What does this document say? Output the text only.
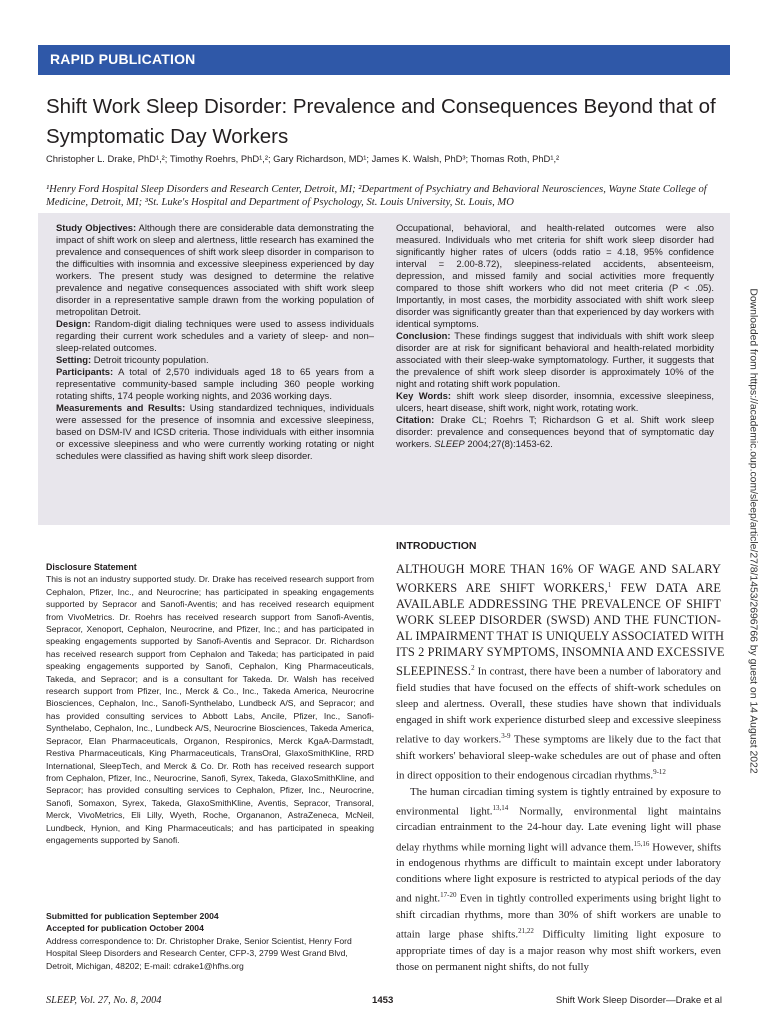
RAPID PUBLICATION
Shift Work Sleep Disorder: Prevalence and Consequences Beyond that of Symptomatic Day Workers
Christopher L. Drake, PhD¹,²; Timothy Roehrs, PhD¹,²; Gary Richardson, MD¹; James K. Walsh, PhD³; Thomas Roth, PhD¹,²
¹Henry Ford Hospital Sleep Disorders and Research Center, Detroit, MI; ²Department of Psychiatry and Behavioral Neurosciences, Wayne State College of Medicine, Detroit, MI; ³St. Luke's Hospital and Department of Psychology, St. Louis University, St. Louis, MO

Study Objectives: Although there are considerable data demonstrating the impact of shift work on sleep and alertness, little research has examined the prevalence and consequences of shift work sleep disorder in comparison to the difficulties with insomnia and excessive sleepiness experienced by day workers. The present study was designed to determine the relative prevalence and negative consequences associated with shift work sleep disorder in a representative sample drawn from the working population of metropolitan Detroit.

Design: Random-digit dialing techniques were used to assess individuals regarding their current work schedules and a variety of sleep- and non–sleep-related outcomes.

Setting: Detroit tricounty population.

Participants: A total of 2,570 individuals aged 18 to 65 years from a representative community-based sample including 360 people working rotating shifts, 174 people working nights, and 2036 working days.

Measurements and Results: Using standardized techniques, individuals were assessed for the presence of insomnia and excessive sleepiness, based on DSM-IV and ICSD criteria. Those individuals with either insomnia or excessive sleepiness and who were currently working rotating or night schedules were classified as having shift work sleep disorder.

Occupational, behavioral, and health-related outcomes were also measured. Individuals who met criteria for shift work sleep disorder had significantly higher rates of ulcers (odds ratio = 4.18, 95% confidence interval = 2.00-8.72), sleepiness-related accidents, absenteeism, depression, and missed family and social activities more frequently compared to those shift workers who did not meet criteria (P < .05). Importantly, in most cases, the morbidity associated with shift work sleep disorder was significantly greater than that experienced by day workers with identical symptoms.

Conclusion: These findings suggest that individuals with shift work sleep disorder are at risk for significant behavioral and health-related morbidity associated with their sleep-wake symptomatology. Further, it suggests that the prevalence of shift work sleep disorder is approximately 10% of the night and rotating shift work population.

Key Words: shift work sleep disorder, insomnia, excessive sleepiness, ulcers, heart disease, shift work, night work, rotating work.

Citation: Drake CL; Roehrs T; Richardson G et al. Shift work sleep disorder: prevalence and consequences beyond that of symptomatic day workers. SLEEP 2004;27(8):1453-62.

Disclosure Statement

This is not an industry supported study. Dr. Drake has received research support from Cephalon, Pfizer, Inc., and Neurocrine; has participated in speaking engagements supported by Sepracor and Sanofi-Aventis; and has received research equipment from VivoMetrics. Dr. Roehrs has received research support from Sanofi-Aventis, Sepracor, Xenoport, Cephalon, Neurocrine, and Pfizer, Inc.; and has participated in speaking engagements supported by Sanofi-Aventis and Sepracor. Dr. Richardson has received research support from Cephalon and Takeda; has participated in paid speaking engagements supported by Sanofi, Cephalon, King Pharmaceuticals, Takeda, and Sepracor; and is a consultant for Takeda. Dr. Walsh has received research support from Pfizer, Inc., Merck & Co., Inc., Takeda America, Neurocrine Biosciences, Cephalon, Inc., Sanofi-Synthelabo, Lundbeck A/S, and Sepracor; and has provided consulting services to Abbott Labs, Ancile, Pfizer, Inc., Sanofi-Synthelabo, Cephalon, Inc., Lundbeck A/S, Neurocrine Biosciences, Takeda America, Sepracor, Elan Pharmaceuticals, Organon, Respironics, Merck KgaA-Darmstadt, Restiva Pharmaceuticals, King Pharmaceuticals, TransOral, GlaxoSmithKline, RRD International, SleepTech, and Merck & Co. Dr. Roth has received research support from Cephalon, Pfizer, Inc., Neurocrine, Sanofi, Syrex, Takeda, GlaxoSmithKline, and Sepracor; has provided consulting services to Cephalon, Pfizer, Inc., Neurocrine, Sanofi, Somaxon, Syrex, Takeda, GlaxoSmithKline, Aventis, Sepracor, Transoral, Merck, VivoMetrics, Eli Lilly, Wyeth, Roche, Organanon, AstraZeneca, McNeil, Lundbeck, Hynion, and King Pharmaceuticals; and has participated in speaking engagements supported by Sanofi.

Submitted for publication September 2004
Accepted for publication October 2004
Address correspondence to: Dr. Christopher Drake, Senior Scientist, Henry Ford
Hospital Sleep Disorders and Research Center, CFP-3, 2799 West Grand Blvd,
Detroit, Michigan, 48202; E-mail: cdrake1@hfhs.org
INTRODUCTION

ALTHOUGH MORE THAN 16% OF WAGE AND SALARY
WORKERS ARE SHIFT WORKERS,$^1$ FEW DATA ARE
AVAILABLE ADDRESSING THE PREVALENCE OF SHIFT
WORK SLEEP DISORDER (SWSD) AND THE FUNCTION-
AL IMPAIRMENT THAT IS UNIQUELY ASSOCIATED WITH
ITS 2 PRIMARY SYMPTOMS, INSOMNIA AND EXCESSIVE
SLEEPINESS.$^2$ In contrast, there have been a number of laboratory and field studies that have focused on the effects of shift-work schedules on sleep and alertness. Overall, these studies have shown that individuals engaged in shift work experience disturbed sleep and excessive sleepiness relative to day workers.$^{3-9}$ These symptoms are likely due to the fact that shift workers' behavioral sleep-wake schedules are out of phase and often in direct opposition to their endogenous circadian rhythms.$^{9-12}$

The human circadian timing system is tightly entrained by exposure to environmental light.$^{13,14}$ Normally, environmental light maintains circadian entrainment to the 24-hour day. Late evening light will phase delay rhythms while morning light will advance them.$^{15,16}$ However, shifts in endogenous rhythms are difficult to maintain except under laboratory conditions where light exposure is restricted to atypical periods of the day and night.$^{17-20}$ Even in tightly controlled experiments using bright light to shift circadian rhythms, more than 30% of shift workers are unable to attain large phase shifts.$^{21,22}$ Difficulty limiting light exposure to appropriate times of day is a major reason why most shift workers, even those on permanent night shifts, do not fully

SLEEP, Vol. 27, No. 8, 2004	1453	Shift Work Sleep Disorder—Drake et al
Downloaded from https://academic.oup.com/sleep/article/27/8/1453/2696766 by guest on 14 August 2022
